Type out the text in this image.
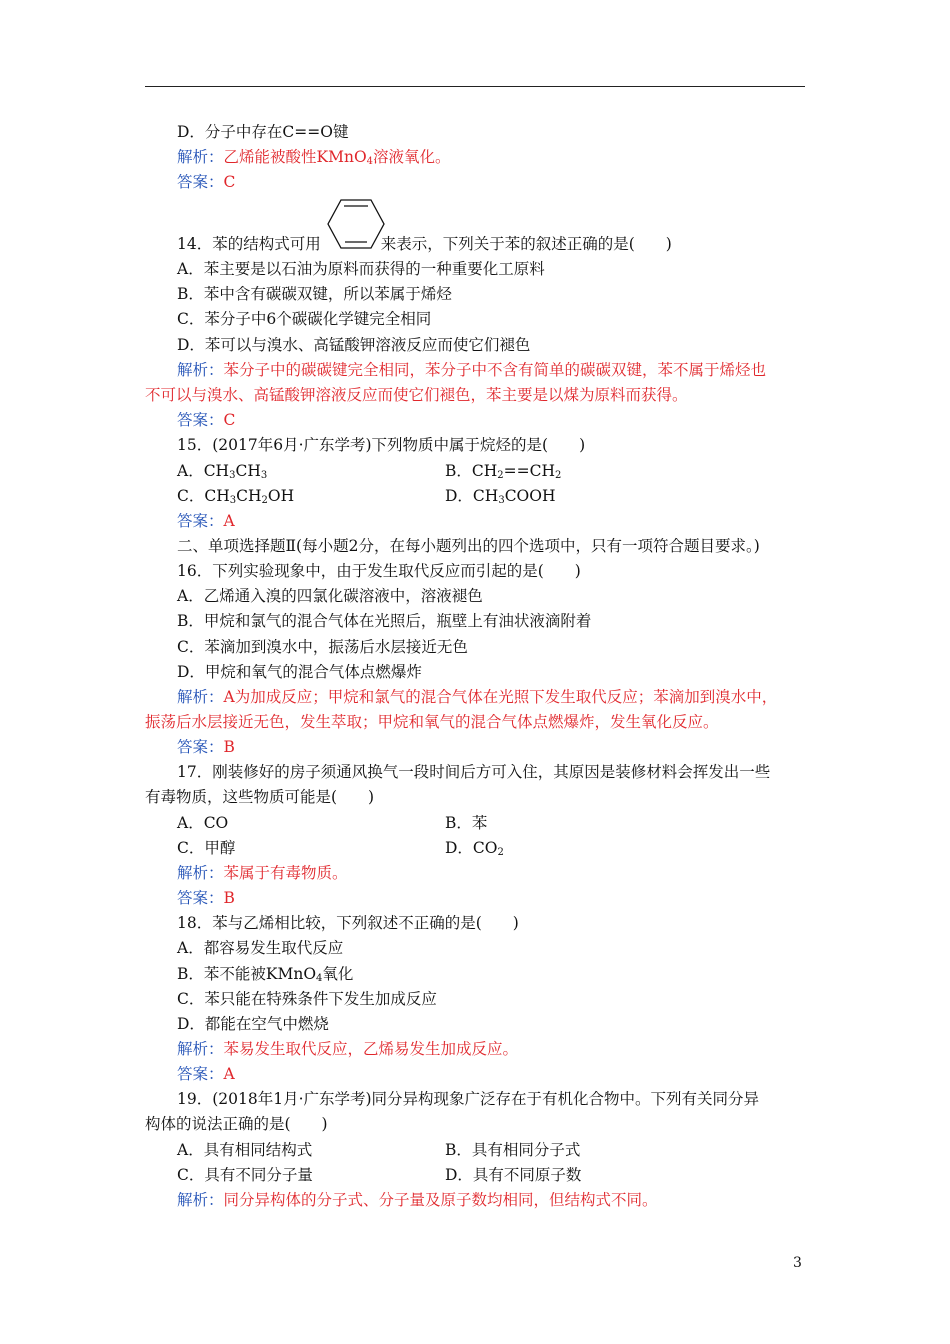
D．分子中存在C==O键
解析：乙烯能被酸性KMnO$_4$溶液氧化。
答案：C
14．苯的结构式可用	来表示，下列关于苯的叙述正确的是(　　)
A．苯主要是以石油为原料而获得的一种重要化工原料
B．苯中含有碳碳双键，所以苯属于烯烃
C．苯分子中6个碳碳化学键完全相同
D．苯可以与溴水、高锰酸钾溶液反应而使它们褪色
解析：苯分子中的碳碳键完全相同，苯分子中不含有简单的碳碳双键，苯不属于烯烃也
不可以与溴水、高锰酸钾溶液反应而使它们褪色，苯主要是以煤为原料而获得。
答案：C
15．(2017年6月·广东学考)下列物质中属于烷烃的是(　　)
A．$CH_3CH_3$	B．$CH_2==CH_2$
C．$CH_3CH_2OH$	D．$CH_3COOH$
答案：A
二、单项选择题Ⅱ(每小题2分，在每小题列出的四个选项中，只有一项符合题目要求。)
16．下列实验现象中，由于发生取代反应而引起的是(　　)
A．乙烯通入溴的四氯化碳溶液中，溶液褪色
B．甲烷和氯气的混合气体在光照后，瓶壁上有油状液滴附着
C．苯滴加到溴水中，振荡后水层接近无色
D．甲烷和氧气的混合气体点燃爆炸
解析：A为加成反应；甲烷和氯气的混合气体在光照下发生取代反应；苯滴加到溴水中，
振荡后水层接近无色，发生萃取；甲烷和氧气的混合气体点燃爆炸，发生氧化反应。
答案：B
17．刚装修好的房子须通风换气一段时间后方可入住，其原因是装修材料会挥发出一些
有毒物质，这些物质可能是(　　)
A．CO	B．苯
C．甲醇	D．$CO_2$
解析：苯属于有毒物质。
答案：B
18．苯与乙烯相比较，下列叙述不正确的是(　　)
A．都容易发生取代反应
B．苯不能被KMnO$_4$氧化
C．苯只能在特殊条件下发生加成反应
D．都能在空气中燃烧
解析：苯易发生取代反应，乙烯易发生加成反应。
答案：A
19．(2018年1月·广东学考)同分异构现象广泛存在于有机化合物中。下列有关同分异
构体的说法正确的是(　　)
A．具有相同结构式	B．具有相同分子式
C．具有不同分子量	D．具有不同原子数
解析：同分异构体的分子式、分子量及原子数均相同，但结构式不同。
3
